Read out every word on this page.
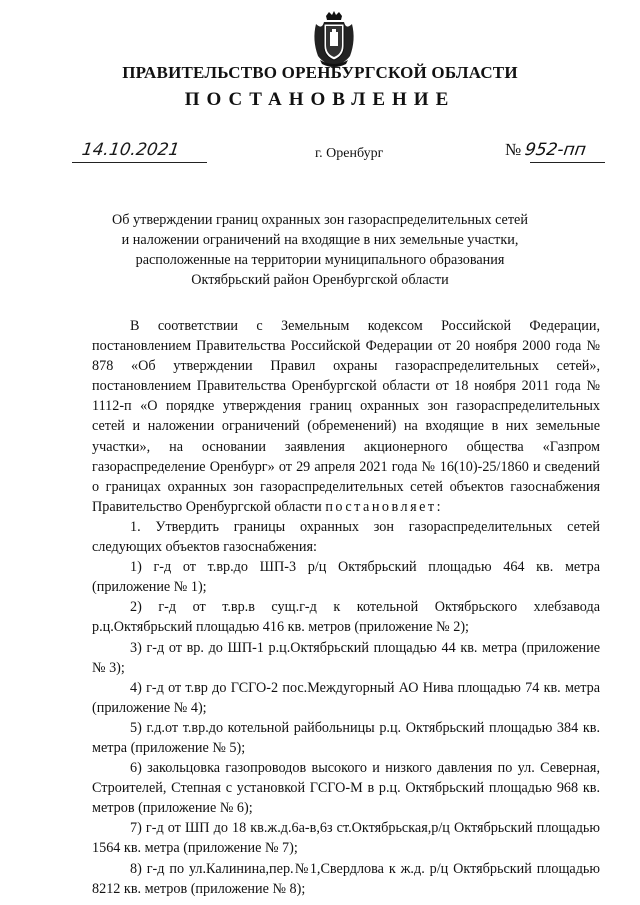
ПРАВИТЕЛЬСТВО ОРЕНБУРГСКОЙ ОБЛАСТИ
ПОСТАНОВЛЕНИЕ
14.10.2021	г. Оренбург	№ 952-пп
Об утверждении границ охранных зон газораспределительных сетей
и наложении ограничений на входящие в них земельные участки,
расположенные на территории муниципального образования
Октябрьский район Оренбургской области

В соответствии с Земельным кодексом Российской Федерации, постановлением Правительства Российской Федерации от 20 ноября 2000 года № 878 «Об утверждении Правил охраны газораспределительных сетей», постановлением Правительства Оренбургской области от 18 ноября 2011 года № 1112-п «О порядке утверждения границ охранных зон газораспределительных сетей и наложении ограничений (обременений) на входящие в них земельные участки», на основании заявления акционерного общества «Газпром газораспределение Оренбург» от 29 апреля 2021 года № 16(10)-25/1860 и сведений о границах охранных зон газораспределительных сетей объектов газоснабжения Правительство Оренбургской области постановляет:

1. Утвердить границы охранных зон газораспределительных сетей следующих объектов газоснабжения:

1) г-д от т.вр.до ШП-3 р/ц Октябрьский площадью 464 кв. метра (приложение № 1);

2) г-д от т.вр.в сущ.г-д к котельной Октябрьского хлебзавода р.ц.Октябрьский площадью 416 кв. метров (приложение № 2);

3) г-д от вр. до ШП-1 р.ц.Октябрьский площадью 44 кв. метра (приложение № 3);

4) г-д от т.вр до ГСГО-2 пос.Междугорный АО Нива площадью 74 кв. метра (приложение № 4);

5) г.д.от т.вр.до котельной райбольницы р.ц. Октябрьский площадью 384 кв. метра (приложение № 5);

6) закольцовка газопроводов высокого и низкого давления по ул. Северная, Строителей, Степная с установкой ГСГО-М в р.ц. Октябрьский площадью 968 кв. метров (приложение № 6);

7) г-д от ШП до 18 кв.ж.д.6а-в,6з ст.Октябрьская,р/ц Октябрьский площадью 1564 кв. метра (приложение № 7);

8) г-д по ул.Калинина,пер.№1,Свердлова к ж.д. р/ц Октябрьский площадью 8212 кв. метров (приложение № 8);
